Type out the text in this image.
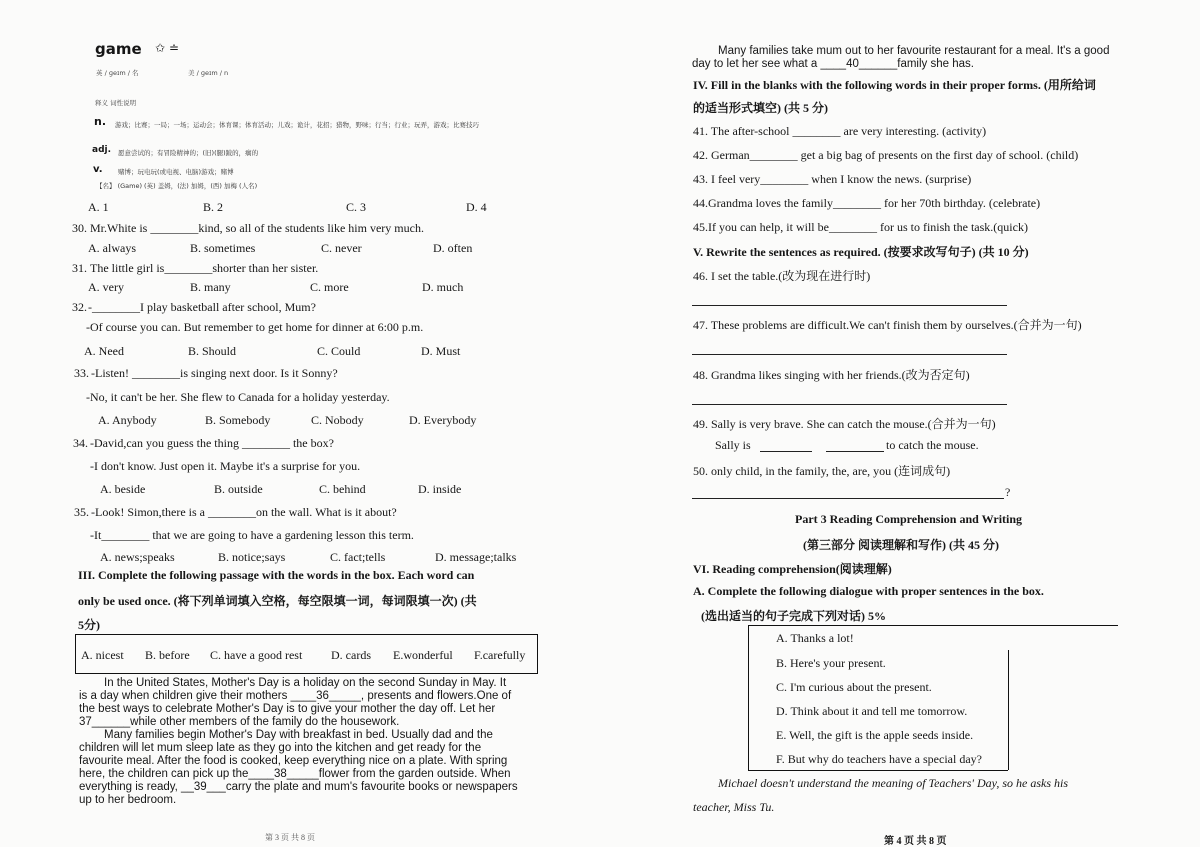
game ✩ ≐
英 / ɡeɪm / 名	美 / ɡeɪm / n
释义 词性说明
n. 游戏；比赛；一局；一场；运动会；体育课；体育活动；儿戏；诡计，花招；猎物，野味；行当；行业；玩弄，游戏；比赛技巧
adj. 愿意尝试的；有冒险精神的；(旧)(腿)跛的，瘸的
v. 赌博；玩电玩(或电视、电脑)游戏；赌博
【名】 (Game) (英) 盖姆，(法) 加姆，(西) 加梅 (人名)
A. 1	B. 2	C. 3	D. 4
30. Mr.White is ________kind, so all of the students like him very much.
A. always	B. sometimes	C. never	D. often
31. The little girl is________shorter than her sister.
A. very	B. many	C. more	D. much
32. -________I play basketball after school, Mum?
-Of course you can. But remember to get home for dinner at 6:00 p.m.
A. Need	B. Should	C. Could	D. Must
33. -Listen! ________is singing next door. Is it Sonny?
-No, it can't be her. She flew to Canada for a holiday yesterday.
A. Anybody	B. Somebody	C. Nobody	D. Everybody
34. -David,can you guess the thing ________ the box?
-I don't know. Just open it. Maybe it's a surprise for you.
A. beside	B. outside	C. behind	D. inside
35. -Look! Simon,there is a ________on the wall. What is it about?
-It________ that we are going to have a gardening lesson this term.
A. news;speaks	B. notice;says	C. fact;tells	D. message;talks
III. Complete the following passage with the words in the box. Each word can
only be used once. (将下列单词填入空格，每空限填一词，每词限填一次) (共
5分)
A. nicest B. before C. have a good rest D. cards E.wonderful F.carefully
In the United States, Mother's Day is a holiday on the second Sunday in May. It
is a day when children give their mothers ____36_____, presents and flowers.One of
the best ways to celebrate Mother's Day is to give your mother the day off. Let her
37______while other members of the family do the housework.
Many families begin Mother's Day with breakfast in bed. Usually dad and the
children will let mum sleep late as they go into the kitchen and get ready for the
favourite meal. After the food is cooked, keep everything nice on a plate. With spring
here, the children can pick up the____38_____flower from the garden outside. When
everything is ready, __39___carry the plate and mum's favourite books or newspapers
up to her bedroom.
第 3 页 共 8 页
Many families take mum out to her favourite restaurant for a meal. It's a good
day to let her see what a ____40______family she has.
IV. Fill in the blanks with the following words in their proper forms. (用所给词
的适当形式填空) (共 5 分)
41. The after-school ________ are very interesting. (activity)
42. German________ get a big bag of presents on the first day of school. (child)
43. I feel very________ when I know the news. (surprise)
44.Grandma loves the family________ for her 70th birthday. (celebrate)
45.If you can help, it will be________ for us to finish the task.(quick)
V. Rewrite the sentences as required. (按要求改写句子) (共 10 分)
46. I set the table.(改为现在进行时)
47. These problems are difficult.We can't finish them by ourselves.(合并为一句)
48. Grandma likes singing with her friends.(改为否定句)
49. Sally is very brave. She can catch the mouse.(合并为一句)
Sally is	to catch the mouse.
50. only child, in the family, the, are, you (连词成句)
?
Part 3 Reading Comprehension and Writing
(第三部分 阅读理解和写作) (共 45 分)
VI. Reading comprehension(阅读理解)
A. Complete the following dialogue with proper sentences in the box.
(选出适当的句子完成下列对话) 5%
A. Thanks a lot!
B. Here's your present.
C. I'm curious about the present.
D. Think about it and tell me tomorrow.
E. Well, the gift is the apple seeds inside.
F. But why do teachers have a special day?
Michael doesn't understand the meaning of Teachers' Day, so he asks his
teacher, Miss Tu.
第 4 页 共 8 页
